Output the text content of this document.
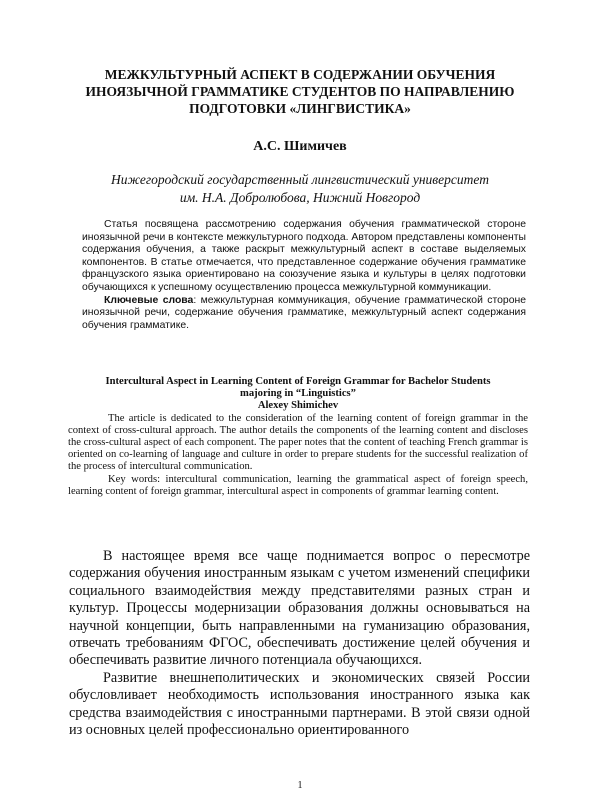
МЕЖКУЛЬТУРНЫЙ АСПЕКТ В СОДЕРЖАНИИ ОБУЧЕНИЯ ИНОЯЗЫЧНОЙ ГРАММАТИКЕ СТУДЕНТОВ ПО НАПРАВЛЕНИЮ ПОДГОТОВКИ «ЛИНГВИСТИКА»

А.С. Шимичев

Нижегородский государственный лингвистический университет
им. Н.А. Добролюбова, Нижний Новгород

Статья посвящена рассмотрению содержания обучения грамматической стороне иноязычной речи в контексте межкультурного подхода. Автором представлены компоненты содержания обучения, а также раскрыт межкультурный аспект в составе выделяемых компонентов. В статье отмечается, что представленное содержание обучения грамматике французского языка ориентировано на союзучение языка и культуры в целях подготовки обучающихся к успешному осуществлению процесса межкультурной коммуникации.

Ключевые слова: межкультурная коммуникация, обучение грамматической стороне иноязычной речи, содержание обучения грамматике, межкультурный аспект содержания обучения грамматике.

Intercultural Aspect in Learning Content of Foreign Grammar for Bachelor Students
majoring in “Linguistics”

Alexey Shimichev

The article is dedicated to the consideration of the learning content of foreign grammar in the context of cross-cultural approach. The author details the components of the learning content and discloses the cross-cultural aspect of each component. The paper notes that the content of teaching French grammar is oriented on co-learning of language and culture in order to prepare students for the successful realization of the process of intercultural communication.

Key words: intercultural communication, learning the grammatical aspect of foreign speech, learning content of foreign grammar, intercultural aspect in components of grammar learning content.

В настоящее время все чаще поднимается вопрос о пересмотре содержания обучения иностранным языкам с учетом изменений специфики социального взаимодействия между представителями разных стран и культур. Процессы модернизации образования должны основываться на научной концепции, быть направленными на гуманизацию образования, отвечать требованиям ФГОС, обеспечивать достижение целей обучения и обеспечивать развитие личного потенциала обучающихся.

Развитие внешнеполитических и экономических связей России обусловливает необходимость использования иностранного языка как средства взаимодействия с иностранными партнерами. В этой связи одной из основных целей профессионально ориентированного

1
